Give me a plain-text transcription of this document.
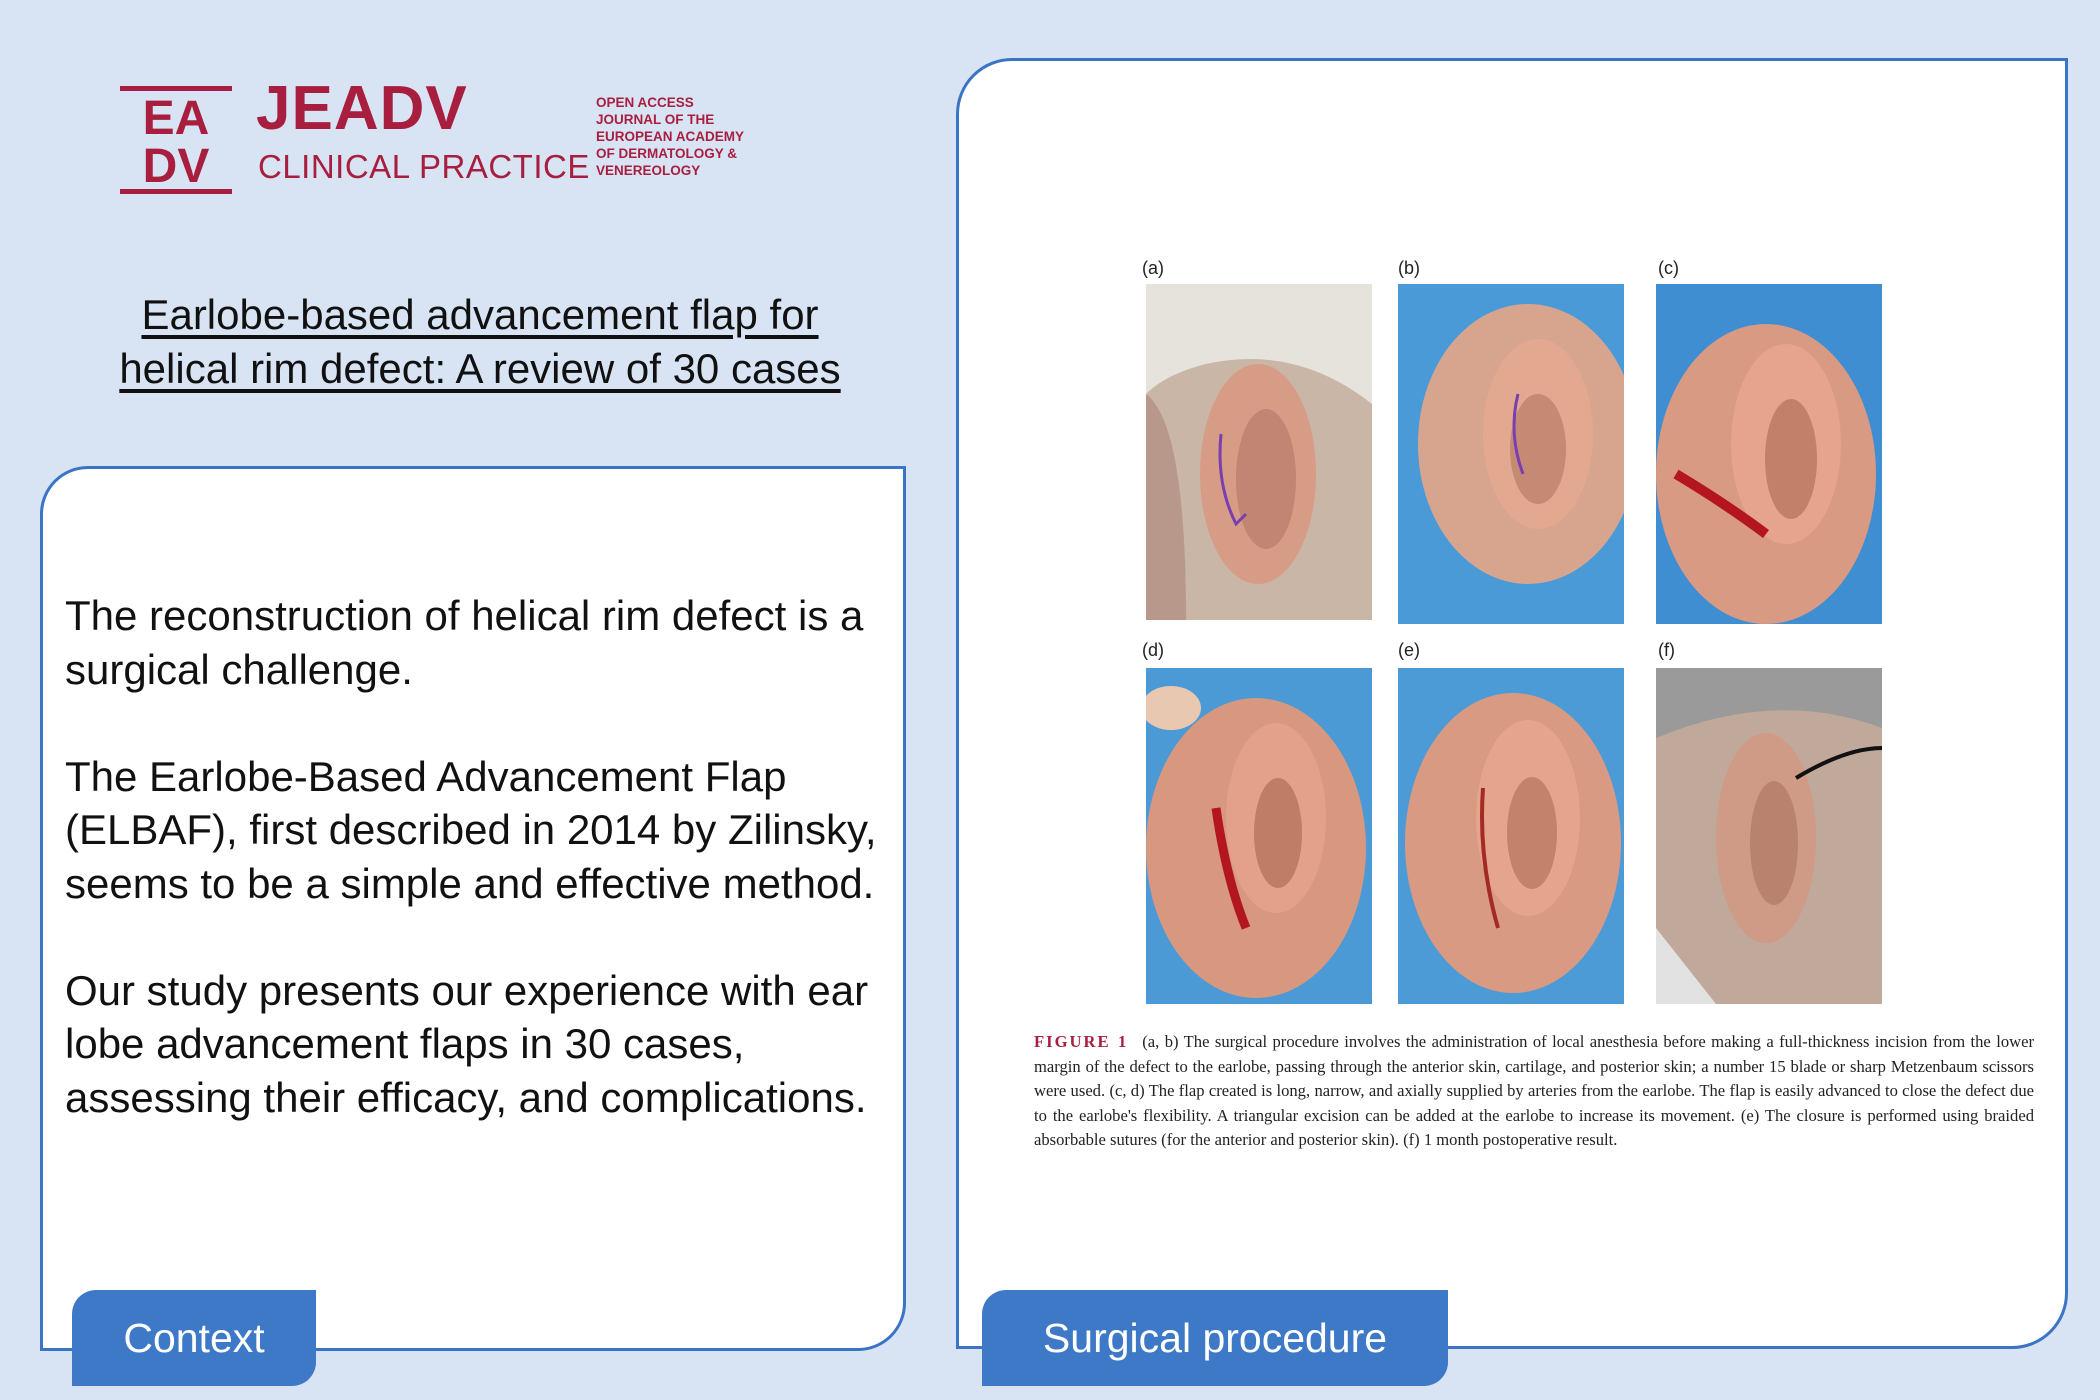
EA
DV
JEADV
CLINICAL PRACTICE
OPEN ACCESS
JOURNAL OF THE
EUROPEAN ACADEMY
OF DERMATOLOGY &
VENEREOLOGY
Earlobe-based advancement flap for
helical rim defect: A review of 30 cases

The reconstruction of helical rim defect is a surgical challenge.

The Earlobe-Based Advancement Flap (ELBAF), first described in 2014 by Zilinsky, seems to be a simple and effective method.

Our study presents our experience with ear lobe advancement flaps in 30 cases, assessing their efficacy, and complications.

Context
(a)	(b)	(c)
(d)	(e)	(f)
FIGURE 1 (a, b) The surgical procedure involves the administration of local anesthesia before making a full-thickness incision from the lower margin of the defect to the earlobe, passing through the anterior skin, cartilage, and posterior skin; a number 15 blade or sharp Metzenbaum scissors were used. (c, d) The flap created is long, narrow, and axially supplied by arteries from the earlobe. The flap is easily advanced to close the defect due to the earlobe's flexibility. A triangular excision can be added at the earlobe to increase its movement. (e) The closure is performed using braided absorbable sutures (for the anterior and posterior skin). (f) 1 month postoperative result.
Surgical procedure
